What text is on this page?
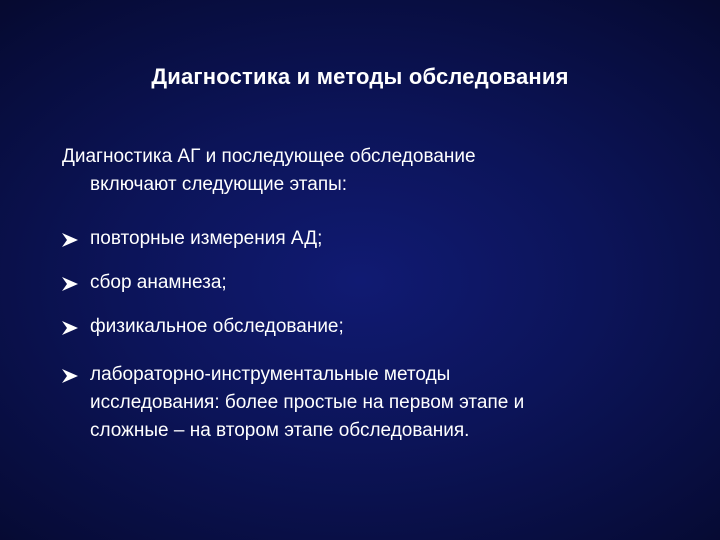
Диагностика и методы обследования
Диагностика АГ и последующее обследование
включают следующие этапы:
повторные измерения АД;
сбор анамнеза;
физикальное обследование;
лабораторно-инструментальные методы
исследования: более простые на первом этапе и
сложные – на втором этапе обследования.
